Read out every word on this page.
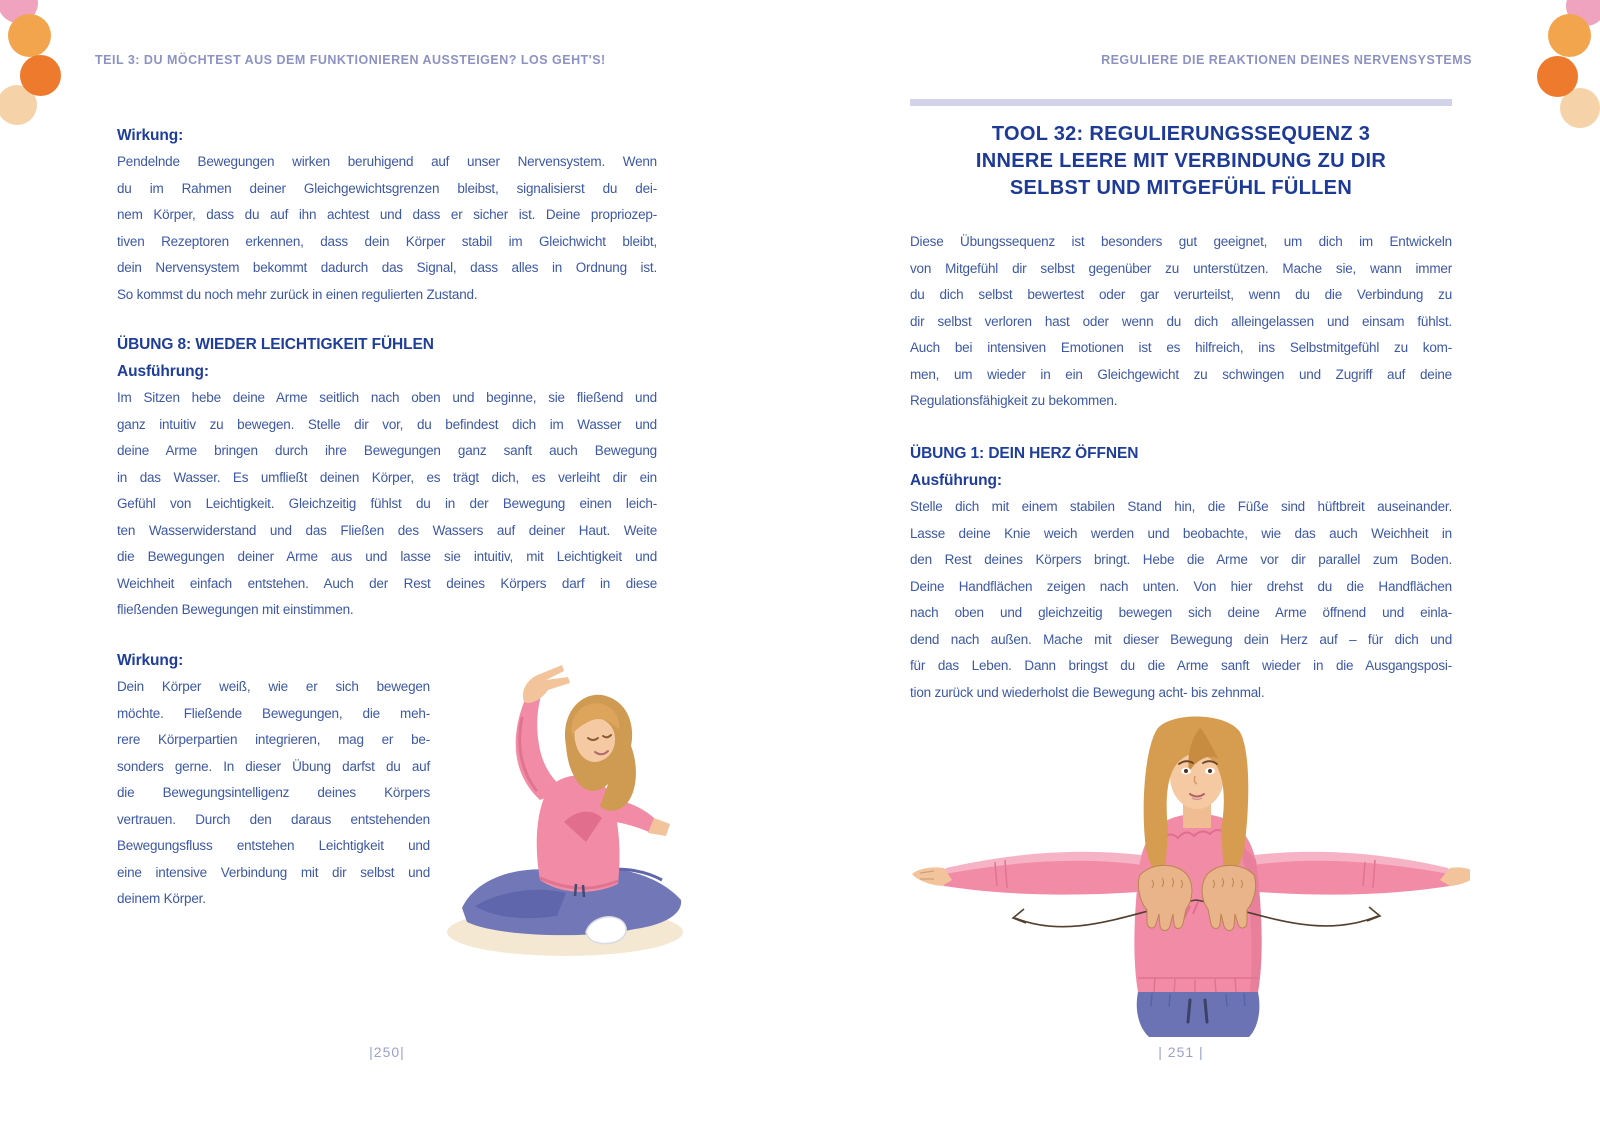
TEIL 3: DU MÖCHTEST AUS DEM FUNKTIONIEREN AUSSTEIGEN? LOS GEHT'S!
Wirkung:
Pendelnde Bewegungen wirken beruhigend auf unser Nervensystem. Wenn
du im Rahmen deiner Gleichgewichtsgrenzen bleibst, signalisierst du dei-
nem Körper, dass du auf ihn achtest und dass er sicher ist. Deine propriozep-
tiven Rezeptoren erkennen, dass dein Körper stabil im Gleichwicht bleibt,
dein Nervensystem bekommt dadurch das Signal, dass alles in Ordnung ist.
So kommst du noch mehr zurück in einen regulierten Zustand.
ÜBUNG 8: WIEDER LEICHTIGKEIT FÜHLEN
Ausführung:
Im Sitzen hebe deine Arme seitlich nach oben und beginne, sie fließend und
ganz intuitiv zu bewegen. Stelle dir vor, du befindest dich im Wasser und
deine Arme bringen durch ihre Bewegungen ganz sanft auch Bewegung
in das Wasser. Es umfließt deinen Körper, es trägt dich, es verleiht dir ein
Gefühl von Leichtigkeit. Gleichzeitig fühlst du in der Bewegung einen leich-
ten Wasserwiderstand und das Fließen des Wassers auf deiner Haut. Weite
die Bewegungen deiner Arme aus und lasse sie intuitiv, mit Leichtigkeit und
Weichheit einfach entstehen. Auch der Rest deines Körpers darf in diese
fließenden Bewegungen mit einstimmen.
Wirkung:
Dein Körper weiß, wie er sich bewegen
möchte. Fließende Bewegungen, die meh-
rere Körperpartien integrieren, mag er be-
sonders gerne. In dieser Übung darfst du auf
die Bewegungsintelligenz deines Körpers
vertrauen. Durch den daraus entstehenden
Bewegungsfluss entstehen Leichtigkeit und
eine intensive Verbindung mit dir selbst und
deinem Körper.
|250|
REGULIERE DIE REAKTIONEN DEINES NERVENSYSTEMS
TOOL 32: REGULIERUNGSSEQUENZ 3
INNERE LEERE MIT VERBINDUNG ZU DIR
SELBST UND MITGEFÜHL FÜLLEN
Diese Übungssequenz ist besonders gut geeignet, um dich im Entwickeln
von Mitgefühl dir selbst gegenüber zu unterstützen. Mache sie, wann immer
du dich selbst bewertest oder gar verurteilst, wenn du die Verbindung zu
dir selbst verloren hast oder wenn du dich alleingelassen und einsam fühlst.
Auch bei intensiven Emotionen ist es hilfreich, ins Selbstmitgefühl zu kom-
men, um wieder in ein Gleichgewicht zu schwingen und Zugriff auf deine
Regulationsfähigkeit zu bekommen.
ÜBUNG 1: DEIN HERZ ÖFFNEN
Ausführung:
Stelle dich mit einem stabilen Stand hin, die Füße sind hüftbreit auseinander.
Lasse deine Knie weich werden und beobachte, wie das auch Weichheit in
den Rest deines Körpers bringt. Hebe die Arme vor dir parallel zum Boden.
Deine Handflächen zeigen nach unten. Von hier drehst du die Handflächen
nach oben und gleichzeitig bewegen sich deine Arme öffnend und einla-
dend nach außen. Mache mit dieser Bewegung dein Herz auf – für dich und
für das Leben. Dann bringst du die Arme sanft wieder in die Ausgangsposi-
tion zurück und wiederholst die Bewegung acht- bis zehnmal.
| 251 |
